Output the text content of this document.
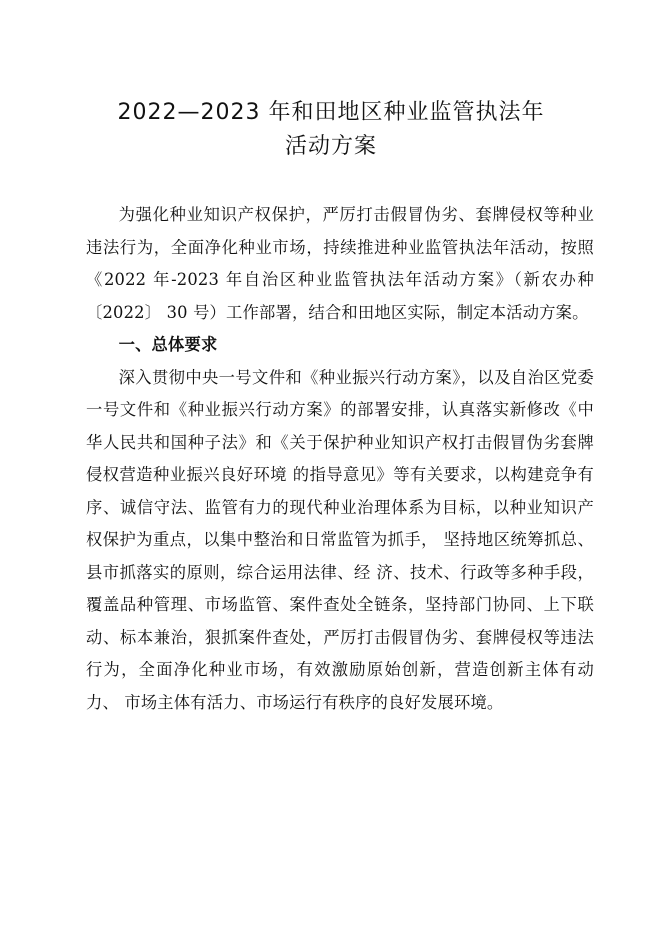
2022—2023 年和田地区种业监管执法年
活动方案

为强化种业知识产权保护，严厉打击假冒伪劣、套牌侵权等种业违法行为，全面净化种业市场，持续推进种业监管执法年活动，按照《2022 年-2023 年自治区种业监管执法年活动方案》（新农办种〔2022〕 30 号）工作部署，结合和田地区实际，制定本活动方案。

一、总体要求

深入贯彻中央一号文件和《种业振兴行动方案》，以及自治区党委一号文件和《种业振兴行动方案》的部署安排，认真落实新修改《中华人民共和国种子法》和《关于保护种业知识产权打击假冒伪劣套牌侵权营造种业振兴良好环境 的指导意见》等有关要求，以构建竞争有序、诚信守法、监管有力的现代种业治理体系为目标，以种业知识产权保护为重点，以集中整治和日常监管为抓手， 坚持地区统筹抓总、县市抓落实的原则，综合运用法律、经 济、技术、行政等多种手段，覆盖品种管理、市场监管、案件查处全链条，坚持部门协同、上下联动、标本兼治，狠抓案件查处，严厉打击假冒伪劣、套牌侵权等违法行为，全面净化种业市场，有效激励原始创新，营造创新主体有动力、 市场主体有活力、市场运行有秩序的良好发展环境。
